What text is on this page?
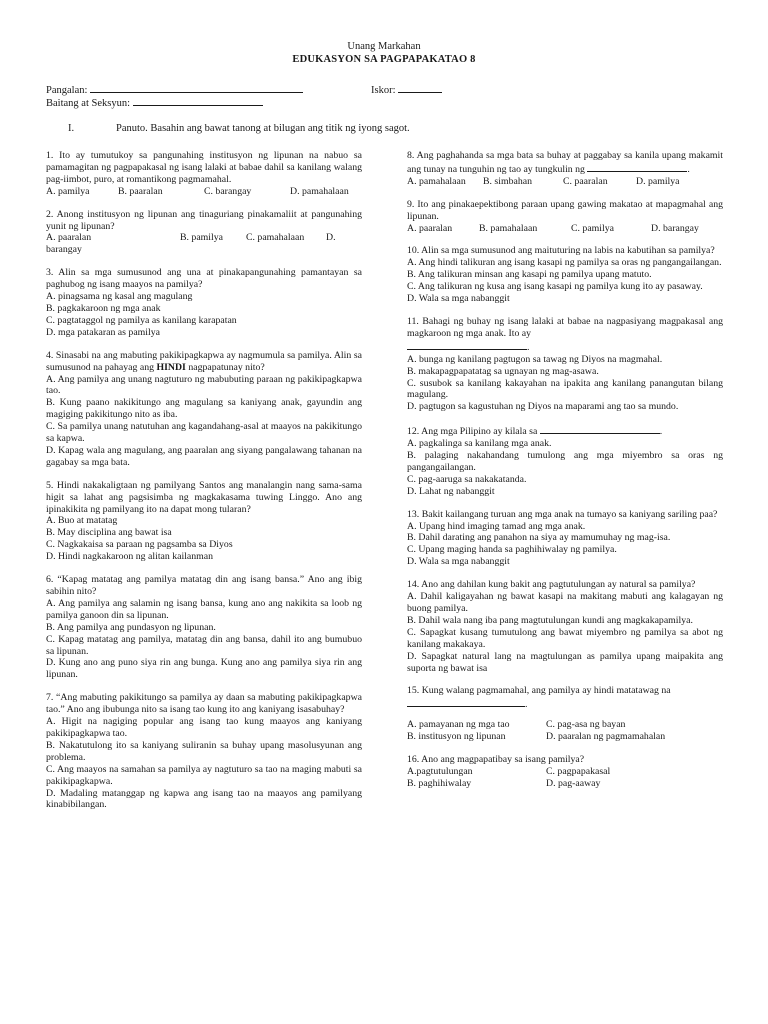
Unang Markahan
EDUKASYON SA PAGPAPAKATAO 8
Pangalan:	Iskor:
Baitang at Seksyun:
I.	Panuto. Basahin ang bawat tanong at bilugan ang titik ng iyong sagot.

1. Ito ay tumutukoy sa pangunahing institusyon ng lipunan na nabuo sa pamamagitan ng pagpapakasal ng isang lalaki at babae dahil sa kanilang walang pag-iimbot, puro, at romantikong pagmamahal.

A. pamilya	B. paaralan	C. barangay	D. pamahalaan

2. Anong institusyon ng lipunan ang tinaguriang pinakamaliit at pangunahing yunit ng lipunan?

A. paaralan	B. pamilya	C. pamahalaan	D.

barangay

3. Alin sa mga sumusunod ang una at pinakapangunahing pamantayan sa paghubog ng isang maayos na pamilya?

A. pinagsama ng kasal ang magulang

B. pagkakaroon ng mga anak

C. pagtataggol ng pamilya as kanilang karapatan

D. mga patakaran as pamilya

4. Sinasabi na ang mabuting pakikipagkapwa ay nagmumula sa pamilya. Alin sa sumusunod na pahayag ang HINDI nagpapatunay nito?

A. Ang pamilya ang unang nagtuturo ng mabubuting paraan ng pakikipagkapwa tao.

B. Kung paano nakikitungo ang magulang sa kaniyang anak, gayundin ang magiging pakikitungo nito as iba.

C. Sa pamilya unang natutuhan ang kagandahang-asal at maayos na pakikitungo sa kapwa.

D. Kapag wala ang magulang, ang paaralan ang siyang pangalawang tahanan na gagabay sa mga bata.

5. Hindi nakakaligtaan ng pamilyang Santos ang manalangin nang sama-sama higit sa lahat ang pagsisimba ng magkakasama tuwing Linggo. Ano ang ipinakikita ng pamilyang ito na dapat mong tularan?

A. Buo at matatag

B. May disciplina ang bawat isa

C. Nagkakaisa sa paraan ng pagsamba sa Diyos

D. Hindi nagkakaroon ng alitan kailanman

6. “Kapag matatag ang pamilya matatag din ang isang bansa.” Ano ang ibig sabihin nito?

A. Ang pamilya ang salamin ng isang bansa, kung ano ang nakikita sa loob ng pamilya ganoon din sa lipunan.

B. Ang pamilya ang pundasyon ng lipunan.

C. Kapag matatag ang pamilya, matatag din ang bansa, dahil ito ang bumubuo sa lipunan.

D. Kung ano ang puno siya rin ang bunga. Kung ano ang pamilya siya rin ang lipunan.

7. “Ang mabuting pakikitungo sa pamilya ay daan sa mabuting pakikipagkapwa tao.” Ano ang ibubunga nito sa isang tao kung ito ang kaniyang isasabuhay?

A. Higit na nagiging popular ang isang tao kung maayos ang kaniyang pakikipagkapwa tao.

B. Nakatutulong ito sa kaniyang suliranin sa buhay upang masolusyunan ang problema.

C. Ang maayos na samahan sa pamilya ay nagtuturo sa tao na maging mabuti sa pakikipagkapwa.

D. Madaling matanggap ng kapwa ang isang tao na maayos ang pamilyang kinabibilangan.

8. Ang paghahanda sa mga bata sa buhay at paggabay sa kanila upang makamit ang tunay na tunguhin ng tao ay tungkulin ng	.

A. pamahalaan	B. simbahan	C. paaralan	D. pamilya

9. Ito ang pinakaepektibong paraan upang gawing makatao at mapagmahal ang lipunan.

A. paaralan	B. pamahalaan	C. pamilya	D. barangay

10. Alin sa mga sumusunod ang maituturing na labis na kabutihan sa pamilya?

A. Ang hindi talikuran ang isang kasapi ng pamilya sa oras ng pangangailangan.

B. Ang talikuran minsan ang kasapi ng pamilya upang matuto.

C. Ang talikuran ng kusa ang isang kasapi ng pamilya kung ito ay pasaway.

D. Wala sa mga nabanggit

11. Bahagi ng buhay ng isang lalaki at babae na nagpasiyang magpakasal ang magkaroon ng mga anak. Ito ay

.

A. bunga ng kanilang pagtugon sa tawag ng Diyos na magmahal.

B. makapagpapatatag sa ugnayan ng mag-asawa.

C. susubok sa kanilang kakayahan na ipakita ang kanilang panangutan bilang magulang.

D. pagtugon sa kagustuhan ng Diyos na maparami ang tao sa mundo.

12. Ang mga Pilipino ay kilala sa	.

A. pagkalinga sa kanilang mga anak.

B. palaging nakahandang tumulong ang mga miyembro sa oras ng pangangailangan.

C. pag-aaruga sa nakakatanda.

D. Lahat ng nabanggit

13. Bakit kailangang turuan ang mga anak na tumayo sa kaniyang sariling paa?

A. Upang hind imaging tamad ang mga anak.

B. Dahil darating ang panahon na siya ay mamumuhay ng mag-isa.

C. Upang maging handa sa paghihiwalay ng pamilya.

D. Wala sa mga nabanggit

14. Ano ang dahilan kung bakit ang pagtutulungan ay natural sa pamilya?

A. Dahil kaligayahan ng bawat kasapi na makitang mabuti ang kalagayan ng buong pamilya.

B. Dahil wala nang iba pang magtutulungan kundi ang magkakapamilya.

C. Sapagkat kusang tumutulong ang bawat miyembro ng pamilya sa abot ng kanilang makakaya.

D. Sapagkat natural lang na magtulungan as pamilya upang maipakita ang suporta ng bawat isa

15. Kung walang pagmamahal, ang pamilya ay hindi matatawag na

.

A. pamayanan ng mga tao	C. pag-asa ng bayan
B. institusyon ng lipunan	D. paaralan ng pagmamahalan

16. Ano ang magpapatibay sa isang pamilya?

A.pagtutulungan	C. pagpapakasal
B. paghihiwalay	D. pag-aaway
